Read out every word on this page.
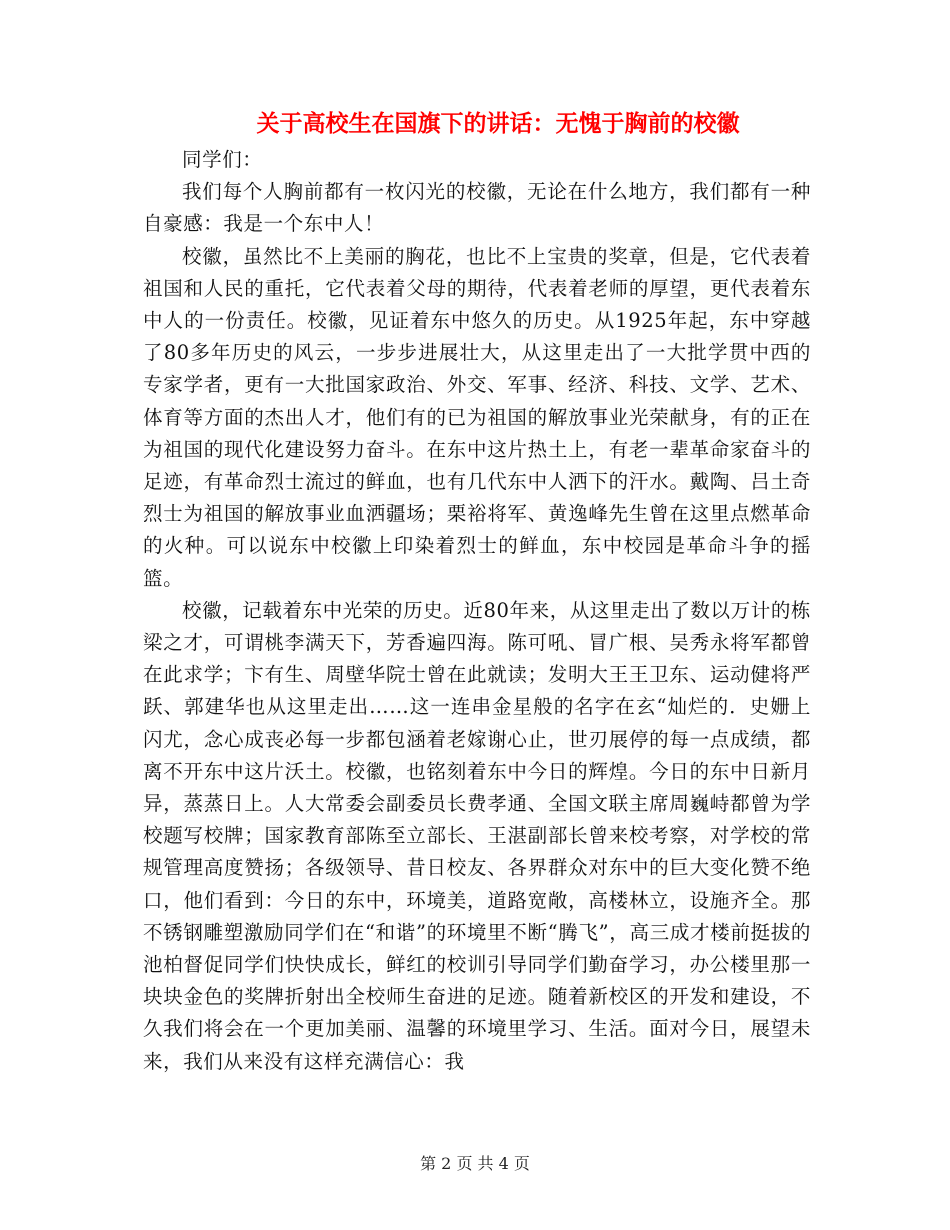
关于高校生在国旗下的讲话：无愧于胸前的校徽

同学们：

我们每个人胸前都有一枚闪光的校徽，无论在什么地方，我们都有一种自豪感：我是一个东中人！

校徽，虽然比不上美丽的胸花，也比不上宝贵的奖章，但是，它代表着祖国和人民的重托，它代表着父母的期待，代表着老师的厚望，更代表着东中人的一份责任。校徽，见证着东中悠久的历史。从1925年起，东中穿越了80多年历史的风云，一步步进展壮大，从这里走出了一大批学贯中西的专家学者，更有一大批国家政治、外交、军事、经济、科技、文学、艺术、体育等方面的杰出人才，他们有的已为祖国的解放事业光荣献身，有的正在为祖国的现代化建设努力奋斗。在东中这片热土上，有老一辈革命家奋斗的足迹，有革命烈士流过的鲜血，也有几代东中人洒下的汗水。戴陶、吕土奇烈士为祖国的解放事业血洒疆场；栗裕将军、黄逸峰先生曾在这里点燃革命的火种。可以说东中校徽上印染着烈士的鲜血，东中校园是革命斗争的摇篮。

校徽，记载着东中光荣的历史。近80年来，从这里走出了数以万计的栋梁之才，可谓桃李满天下，芳香遍四海。陈可吼、冒广根、吴秀永将军都曾在此求学；卞有生、周壁华院士曾在此就读；发明大王王卫东、运动健将严跃、郭建华也从这里走出……这一连串金星般的名字在玄“灿烂的．史姗上闪尤，念心成丧必每一步都包涵着老嫁谢心止，世刃展停的每一点成绩，都离不开东中这片沃土。校徽，也铭刻着东中今日的辉煌。今日的东中日新月异，蒸蒸日上。人大常委会副委员长费孝通、全国文联主席周巍峙都曾为学校题写校牌；国家教育部陈至立部长、王湛副部长曾来校考察，对学校的常规管理高度赞扬；各级领导、昔日校友、各界群众对东中的巨大变化赞不绝口，他们看到：今日的东中，环境美，道路宽敞，高楼林立，设施齐全。那不锈钢雕塑激励同学们在“和谐”的环境里不断“腾飞”，高三成才楼前挺拔的池柏督促同学们快快成长，鲜红的校训引导同学们勤奋学习，办公楼里那一块块金色的奖牌折射出全校师生奋进的足迹。随着新校区的开发和建设，不久我们将会在一个更加美丽、温馨的环境里学习、生活。面对今日，展望未来，我们从来没有这样充满信心：我

第 2 页 共 4 页
